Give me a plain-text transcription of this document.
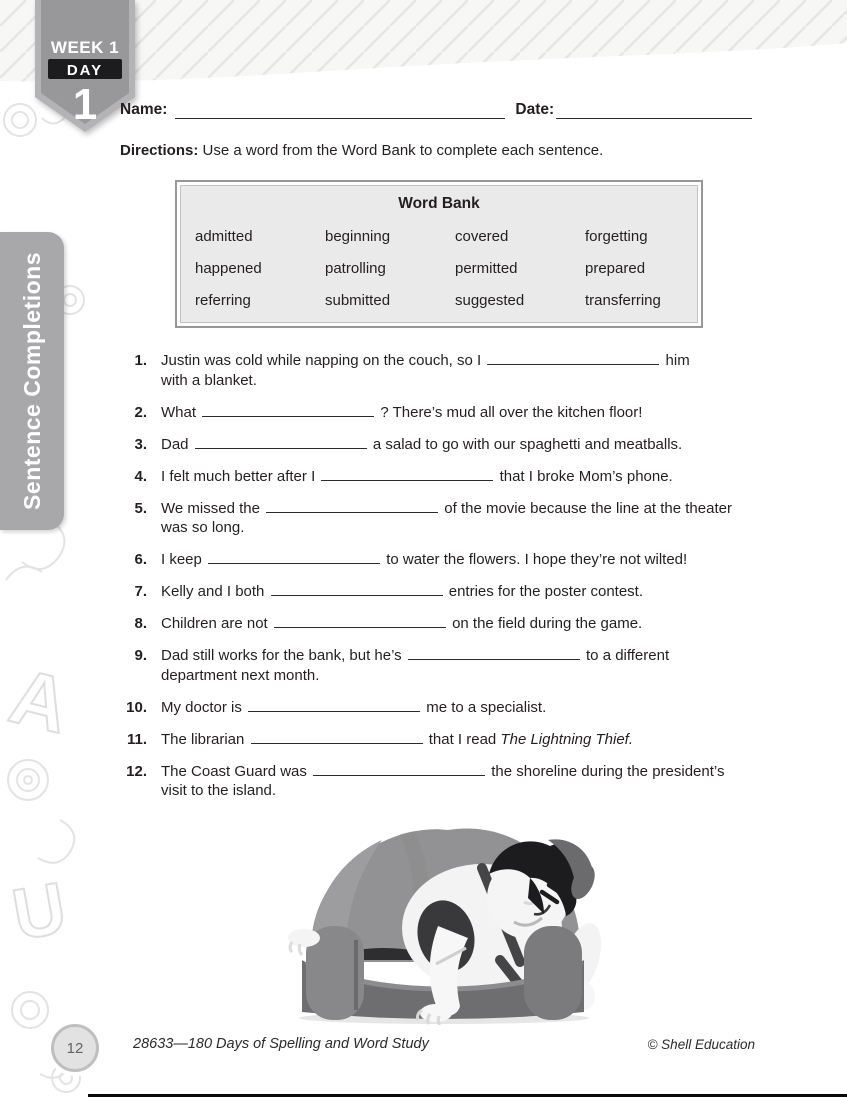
A
U
WEEK 1
DAY
1
Sentence Completions
Name:	Date:
Directions: Use a word from the Word Bank to complete each sentence.
Word Bank
admitted	beginning	covered	forgetting
happened	patrolling	permitted	prepared
referring	submitted	suggested	transferring
1. Justin was cold while napping on the couch, so I	him
with a blanket.
2. What	? There’s mud all over the kitchen floor!
3. Dad	a salad to go with our spaghetti and meatballs.
4. I felt much better after I	that I broke Mom’s phone.
5. We missed the	of the movie because the line at the theater
was so long.
6. I keep	to water the flowers. I hope they’re not wilted!
7. Kelly and I both	entries for the poster contest.
8. Children are not	on the field during the game.
9. Dad still works for the bank, but he’s	to a different
department next month.
10. My doctor is	me to a specialist.
11. The librarian	that I read The Lightning Thief.
12. The Coast Guard was	the shoreline during the president’s
visit to the island.
12	28633—180 Days of Spelling and Word Study	© Shell Education
